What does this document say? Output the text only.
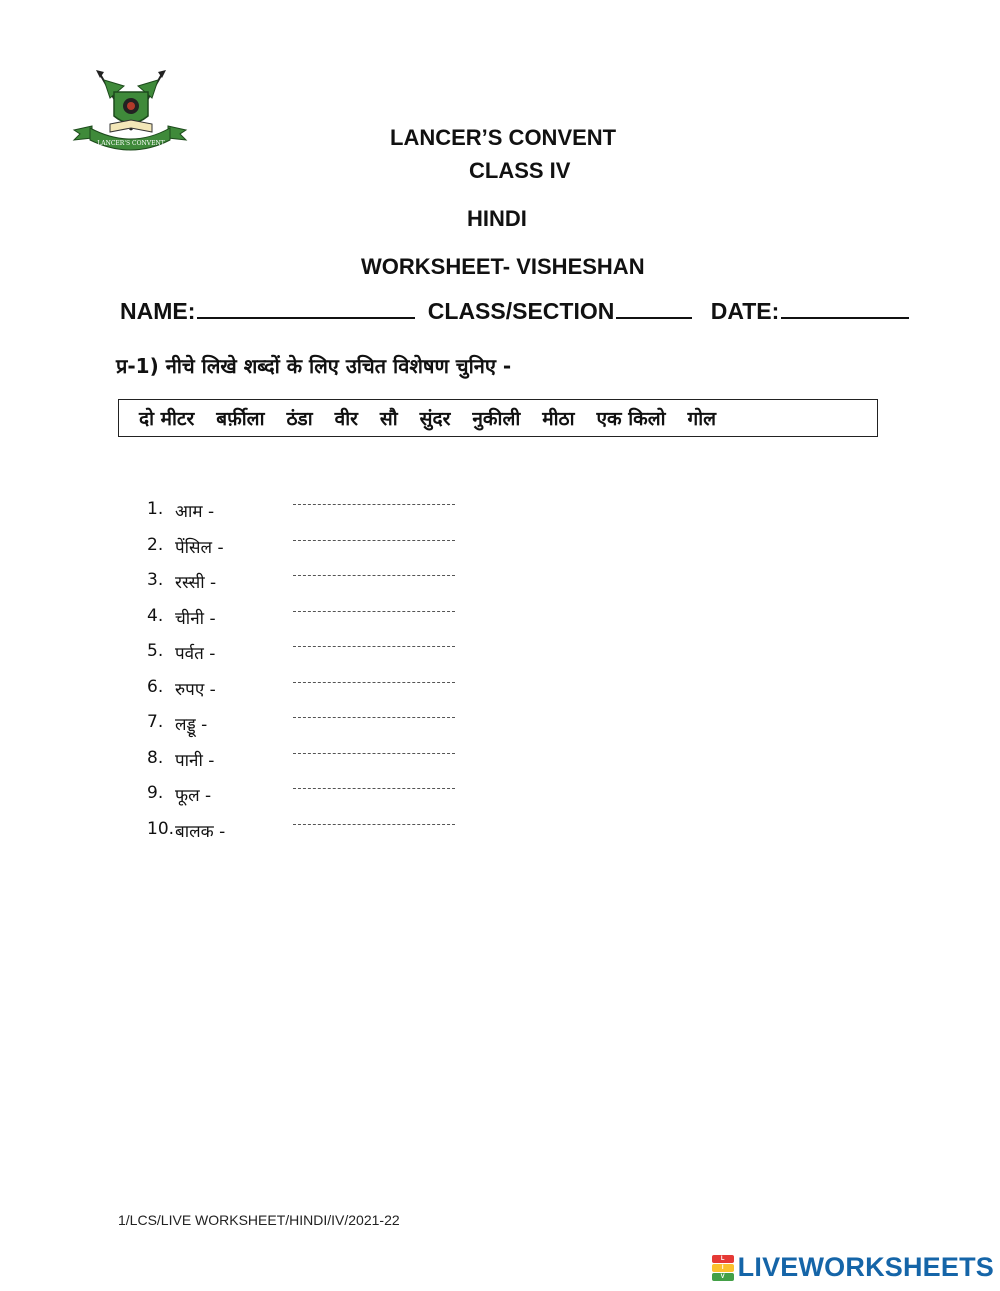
LANCER'S CONVENT	LANCER’S CONVENT
CLASS IV
HINDI
WORKSHEET- VISHESHAN
NAME:	CLASS/SECTION	DATE:
प्र-1) नीचे लिखे शब्दों के लिए उचित विशेषण चुनिए -
दो मीटर बर्फ़ीला ठंडा वीर सौ सुंदर नुकीली मीठा एक किलो गोल
1. आम -
2. पेंसिल -
3. रस्सी -
4. चीनी -
5. पर्वत -
6. रुपए -
7. लड्डू -
8. पानी -
9. फूल -
10. बालक -
1/LCS/LIVE WORKSHEET/HINDI/IV/2021-22
L
I
V LIVEWORKSHEETS
